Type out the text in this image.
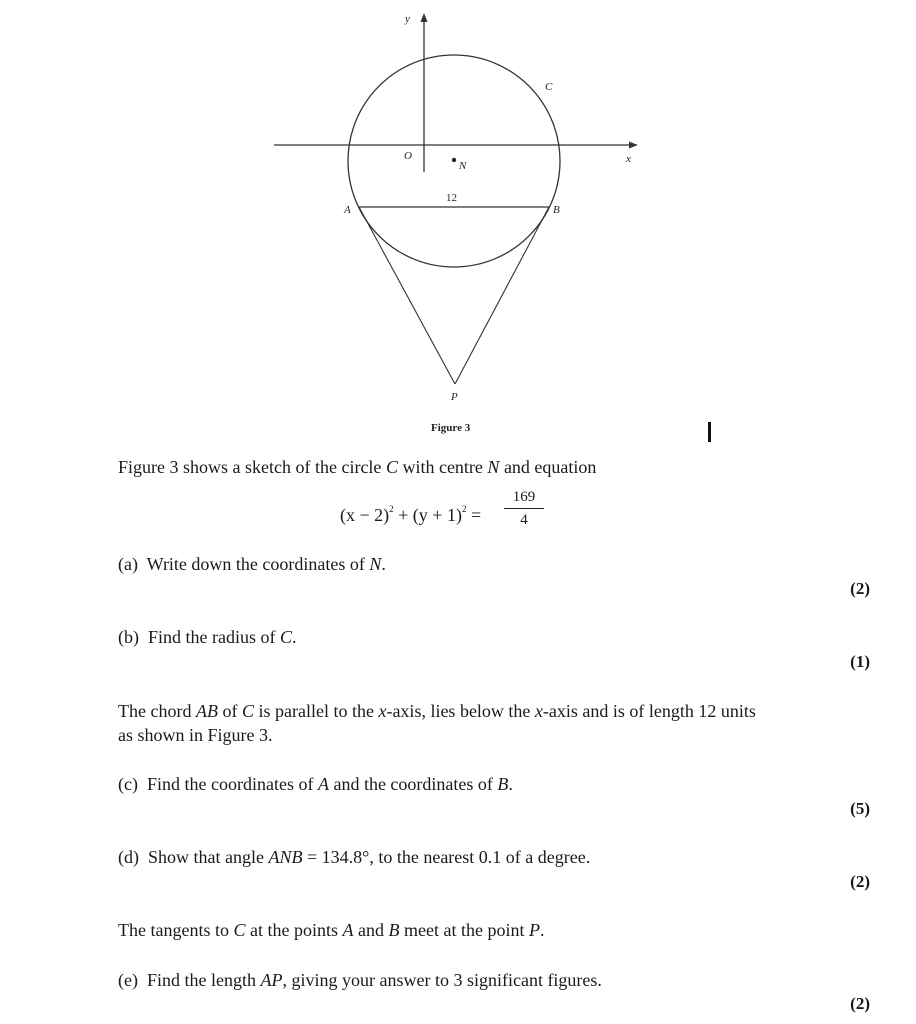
y
x
O
N
C
A	B
P
12
Figure 3
Figure 3 shows a sketch of the circle C with centre N and equation
$(x - 2)^2 + (y + 1)^2$ =
169
4
(a) Write down the coordinates of N.
(2)
(b) Find the radius of C.
(1)
The chord AB of C is parallel to the x-axis, lies below the x-axis and is of length 12 units
as shown in Figure 3.
(c) Find the coordinates of A and the coordinates of B.
(5)
(d) Show that angle ANB = 134.8°, to the nearest 0.1 of a degree.
(2)
The tangents to C at the points A and B meet at the point P.
(e) Find the length AP, giving your answer to 3 significant figures.
(2)
